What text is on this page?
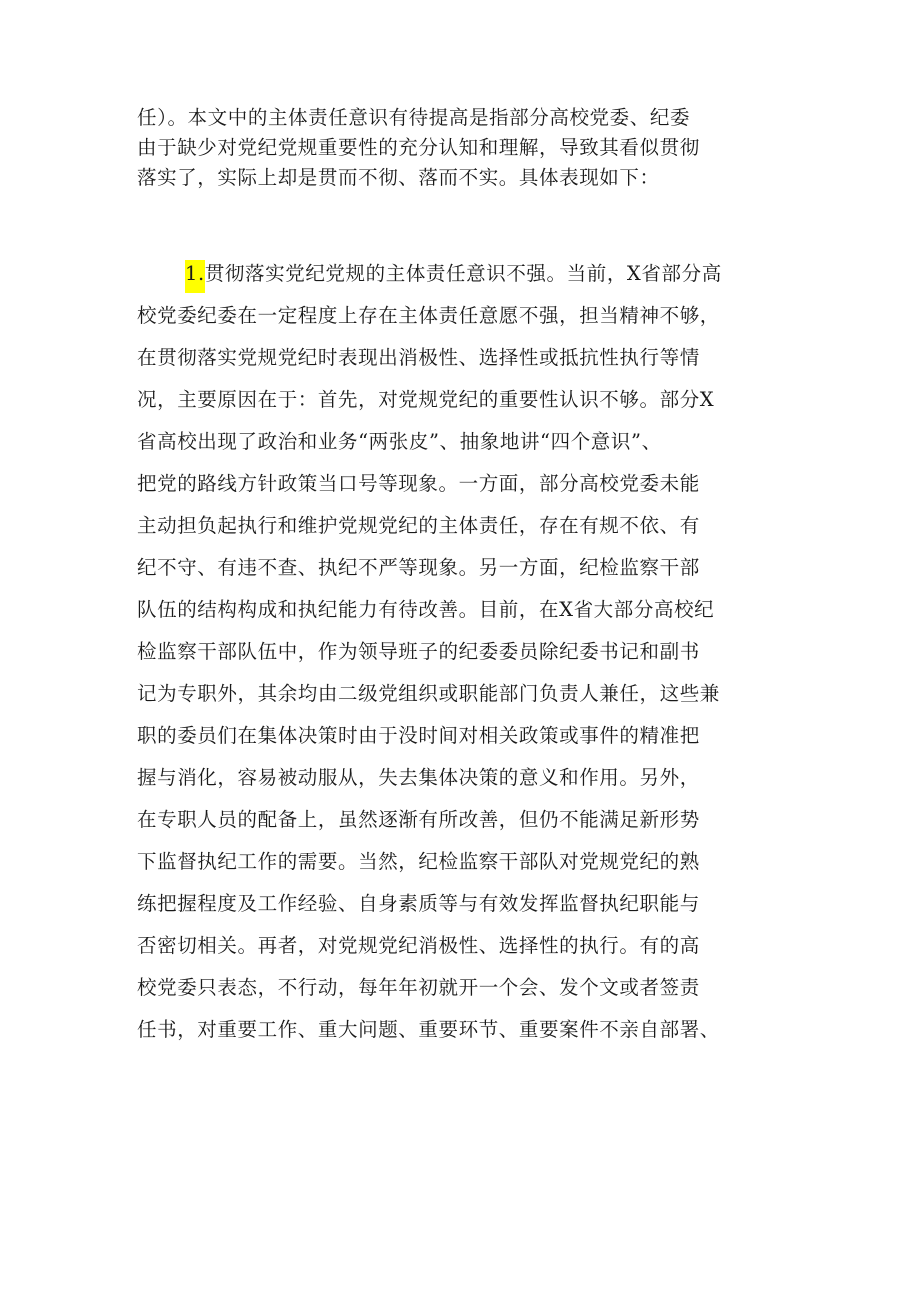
任）。本文中的主体责任意识有待提高是指部分高校党委、纪委
由于缺少对党纪党规重要性的充分认知和理解，导致其看似贯彻
落实了，实际上却是贯而不彻、落而不实。具体表现如下：
1.贯彻落实党纪党规的主体责任意识不强。当前，X省部分高
校党委纪委在一定程度上存在主体责任意愿不强，担当精神不够，
在贯彻落实党规党纪时表现出消极性、选择性或抵抗性执行等情
况，主要原因在于：首先，对党规党纪的重要性认识不够。部分X
省高校出现了政治和业务“两张皮”、抽象地讲“四个意识”、
把党的路线方针政策当口号等现象。一方面，部分高校党委未能
主动担负起执行和维护党规党纪的主体责任，存在有规不依、有
纪不守、有违不查、执纪不严等现象。另一方面，纪检监察干部
队伍的结构构成和执纪能力有待改善。目前，在X省大部分高校纪
检监察干部队伍中，作为领导班子的纪委委员除纪委书记和副书
记为专职外，其余均由二级党组织或职能部门负责人兼任，这些兼
职的委员们在集体决策时由于没时间对相关政策或事件的精准把
握与消化，容易被动服从，失去集体决策的意义和作用。另外，
在专职人员的配备上，虽然逐渐有所改善，但仍不能满足新形势
下监督执纪工作的需要。当然，纪检监察干部队对党规党纪的熟
练把握程度及工作经验、自身素质等与有效发挥监督执纪职能与
否密切相关。再者，对党规党纪消极性、选择性的执行。有的高
校党委只表态，不行动，每年年初就开一个会、发个文或者签责
任书，对重要工作、重大问题、重要环节、重要案件不亲自部署、
